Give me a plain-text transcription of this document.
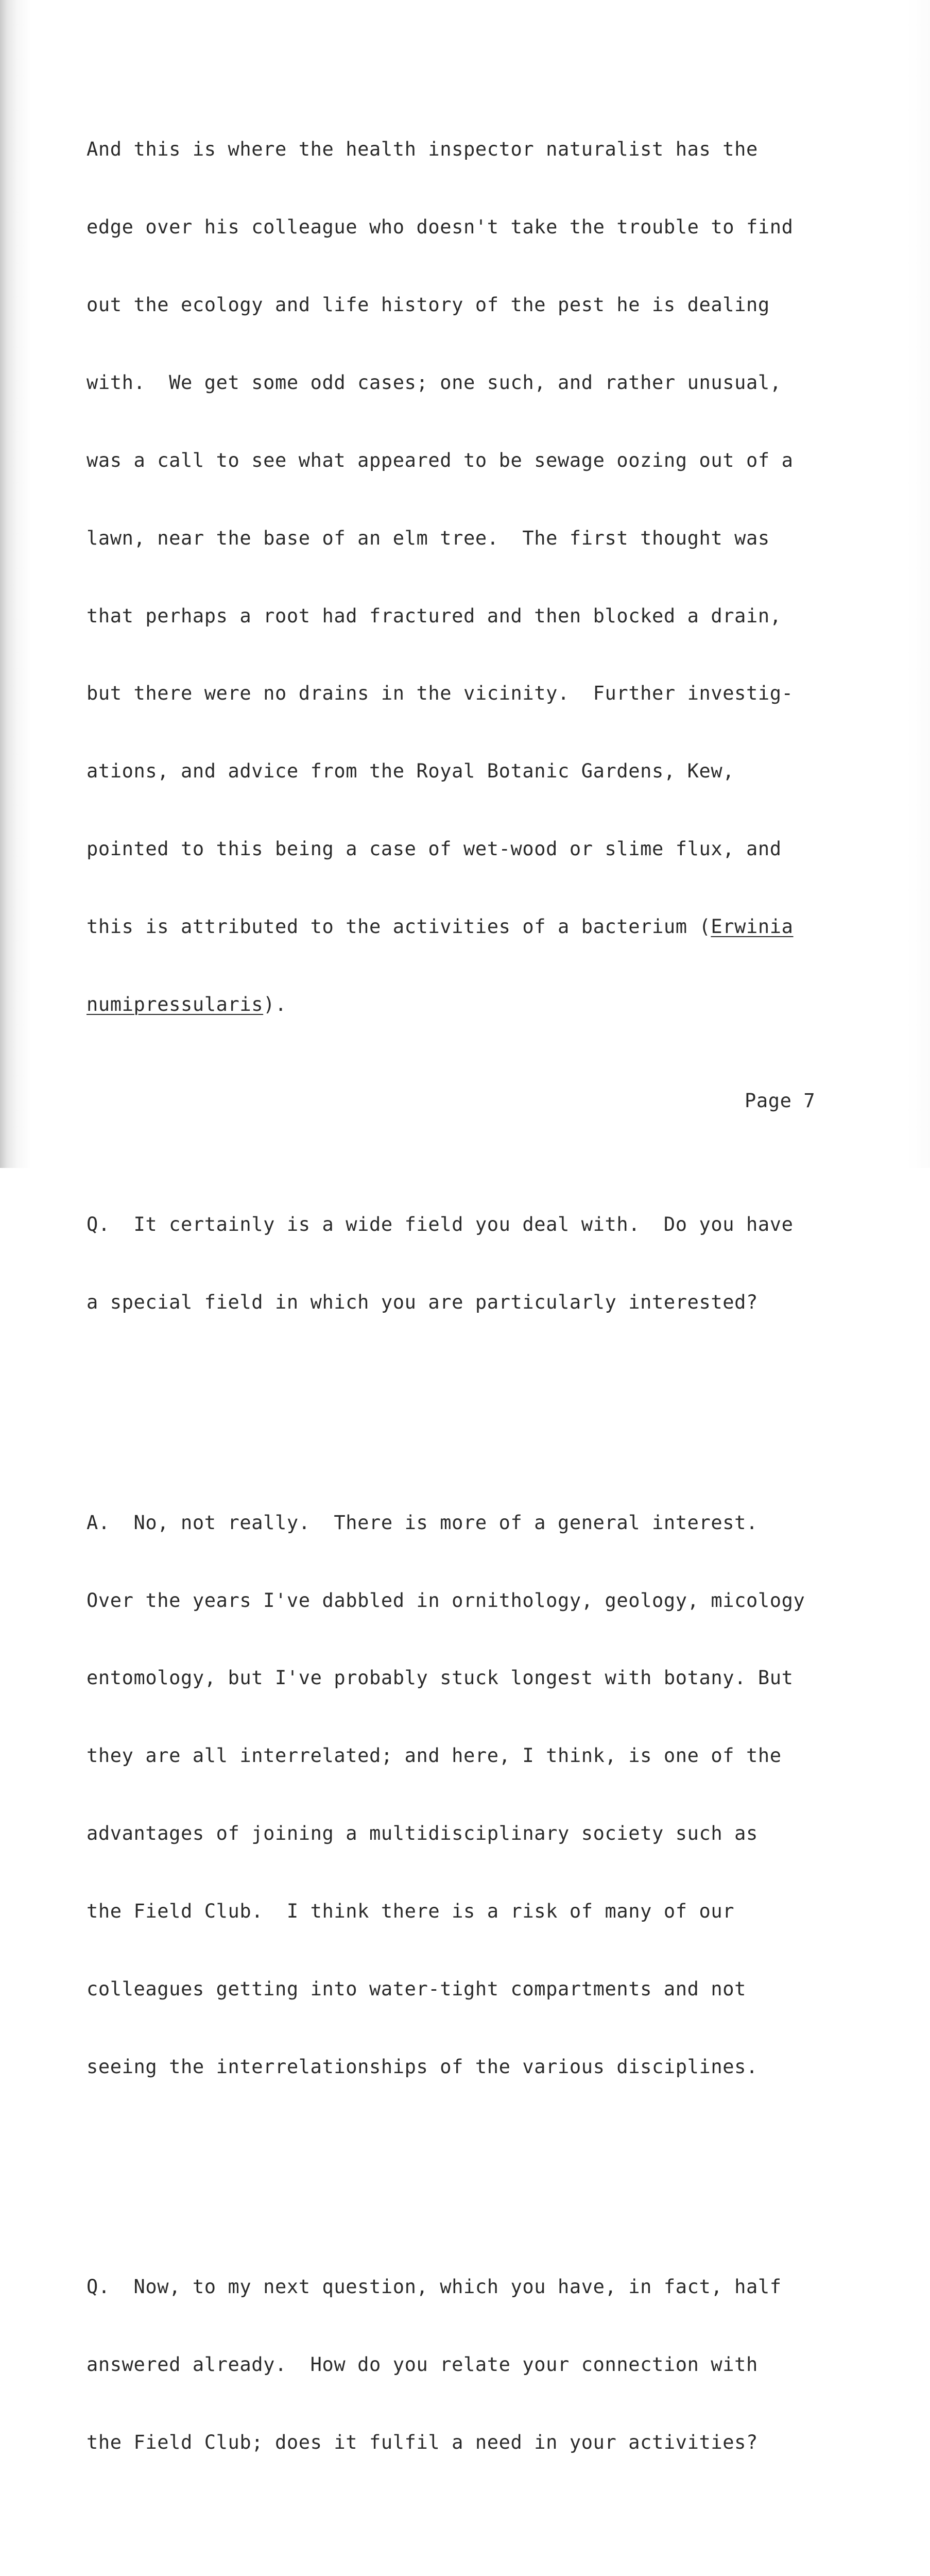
And this is where the health inspector naturalist has the

edge over his colleague who doesn't take the trouble to find

out the ecology and life history of the pest he is dealing

with.  We get some odd cases; one such, and rather unusual,

was a call to see what appeared to be sewage oozing out of a

lawn, near the base of an elm tree.  The first thought was

that perhaps a root had fractured and then blocked a drain,

but there were no drains in the vicinity.  Further investig-

ations, and advice from the Royal Botanic Gardens, Kew,

pointed to this being a case of wet-wood or slime flux, and

this is attributed to the activities of a bacterium (Erwinia

numipressularis).

Q.  It certainly is a wide field you deal with.  Do you have

a special field in which you are particularly interested?

A.  No, not really.  There is more of a general interest.

Over the years I've dabbled in ornithology, geology, micology

entomology, but I've probably stuck longest with botany. But

they are all interrelated; and here, I think, is one of the

advantages of joining a multidisciplinary society such as

the Field Club.  I think there is a risk of many of our

colleagues getting into water-tight compartments and not

seeing the interrelationships of the various disciplines.

Q.  Now, to my next question, which you have, in fact, half

answered already.  How do you relate your connection with

the Field Club; does it fulfil a need in your activities?

Page 7
